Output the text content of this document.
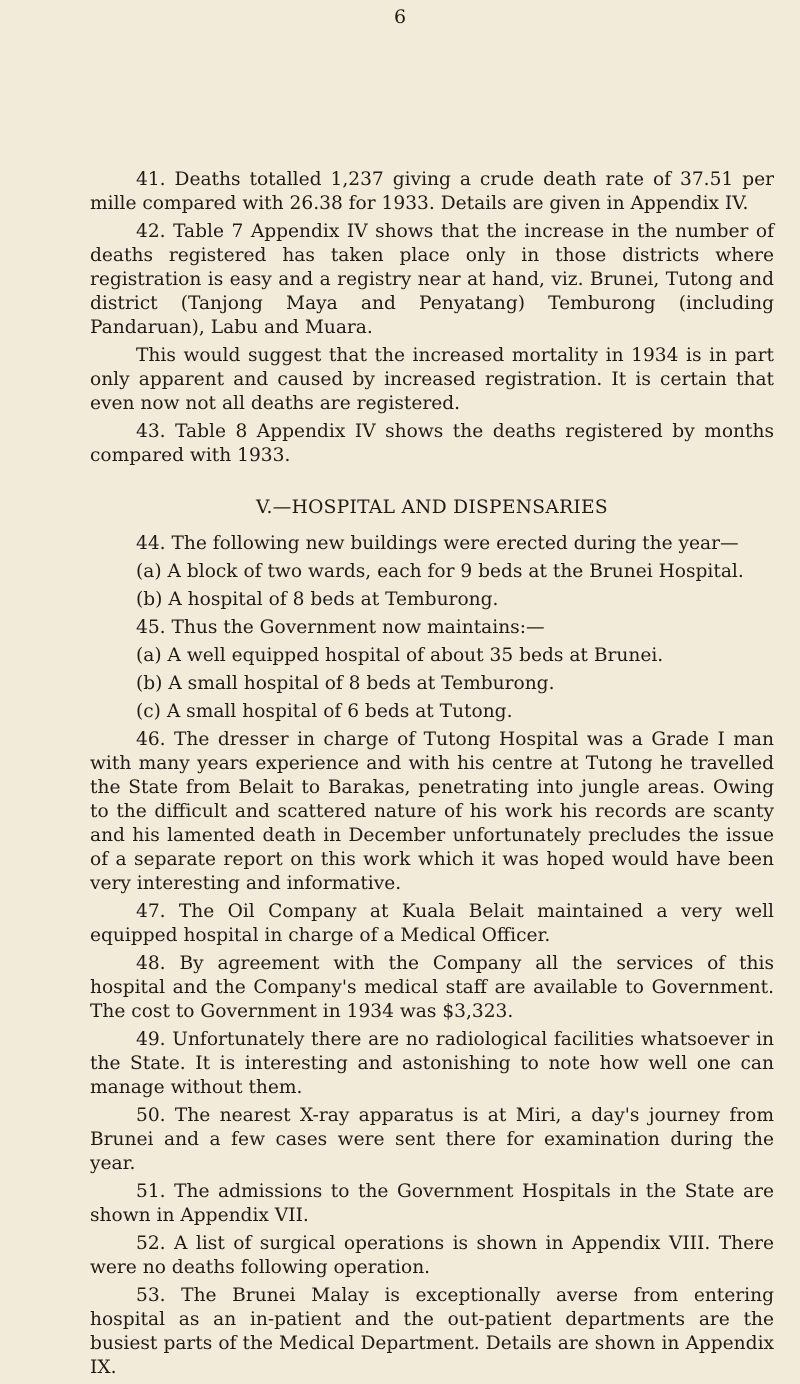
6

41. Deaths totalled 1,237 giving a crude death rate of 37.51 per mille compared with 26.38 for 1933. Details are given in Appendix IV.

42. Table 7 Appendix IV shows that the increase in the number of deaths registered has taken place only in those districts where registration is easy and a registry near at hand, viz. Brunei, Tutong and district (Tanjong Maya and Penyatang) Temburong (including Pandaruan), Labu and Muara.

This would suggest that the increased mortality in 1934 is in part only apparent and caused by increased registration. It is certain that even now not all deaths are registered.

43. Table 8 Appendix IV shows the deaths registered by months compared with 1933.

V.—HOSPITAL AND DISPENSARIES

44. The following new buildings were erected during the year—

(a) A block of two wards, each for 9 beds at the Brunei Hospital.

(b) A hospital of 8 beds at Temburong.

45. Thus the Government now maintains:—

(a) A well equipped hospital of about 35 beds at Brunei.

(b) A small hospital of 8 beds at Temburong.

(c) A small hospital of 6 beds at Tutong.

46. The dresser in charge of Tutong Hospital was a Grade I man with many years experience and with his centre at Tutong he travelled the State from Belait to Barakas, penetrating into jungle areas. Owing to the difficult and scattered nature of his work his records are scanty and his lamented death in December unfortunately precludes the issue of a separate report on this work which it was hoped would have been very interesting and informative.

47. The Oil Company at Kuala Belait maintained a very well equipped hospital in charge of a Medical Officer.

48. By agreement with the Company all the services of this hospital and the Company's medical staff are available to Government. The cost to Government in 1934 was $3,323.

49. Unfortunately there are no radiological facilities whatsoever in the State. It is interesting and astonishing to note how well one can manage without them.

50. The nearest X-ray apparatus is at Miri, a day's journey from Brunei and a few cases were sent there for examination during the year.

51. The admissions to the Government Hospitals in the State are shown in Appendix VII.

52. A list of surgical operations is shown in Appendix VIII. There were no deaths following operation.

53. The Brunei Malay is exceptionally averse from entering hospital as an in-patient and the out-patient departments are the busiest parts of the Medical Department. Details are shown in Appendix IX.
